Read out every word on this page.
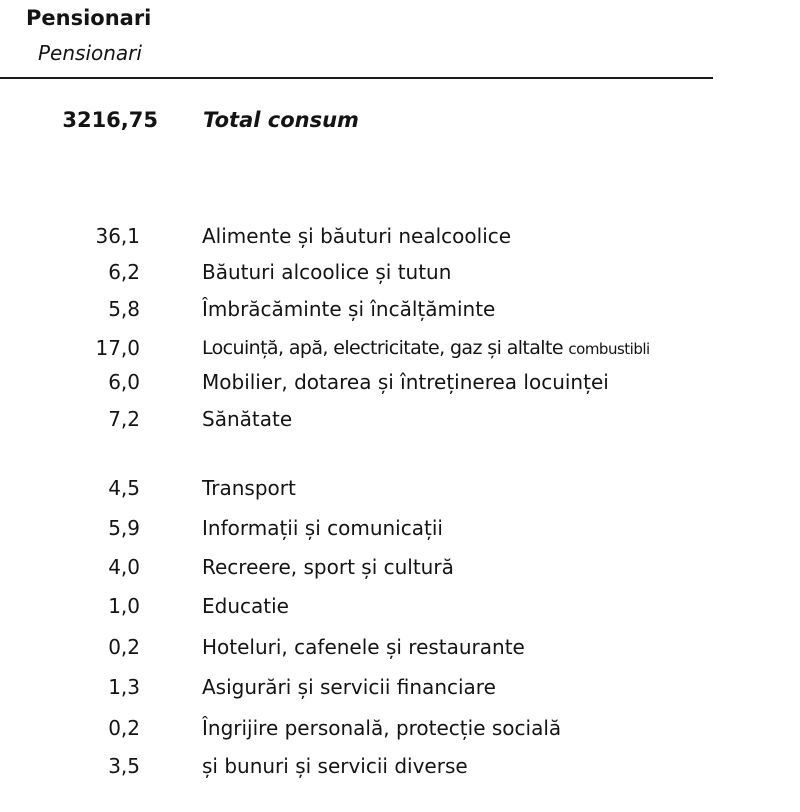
Pensionari
Pensionari
3216,75 Total consum
36,1	Alimente și băuturi nealcoolice
6,2	Băuturi alcoolice și tutun
5,8	Îmbrăcăminte și încălțăminte
17,0	Locuință, apă, electricitate, gaz și altalte combustibli
6,0	Mobilier, dotarea și întreținerea locuinței
7,2	Sănătate
4,5	Transport
5,9	Informații și comunicații
4,0	Recreere, sport și cultură
1,0	Educatie
0,2	Hoteluri, cafenele și restaurante
1,3	Asigurări și servicii financiare
0,2	Îngrijire personală, protecție socială
3,5	și bunuri și servicii diverse
